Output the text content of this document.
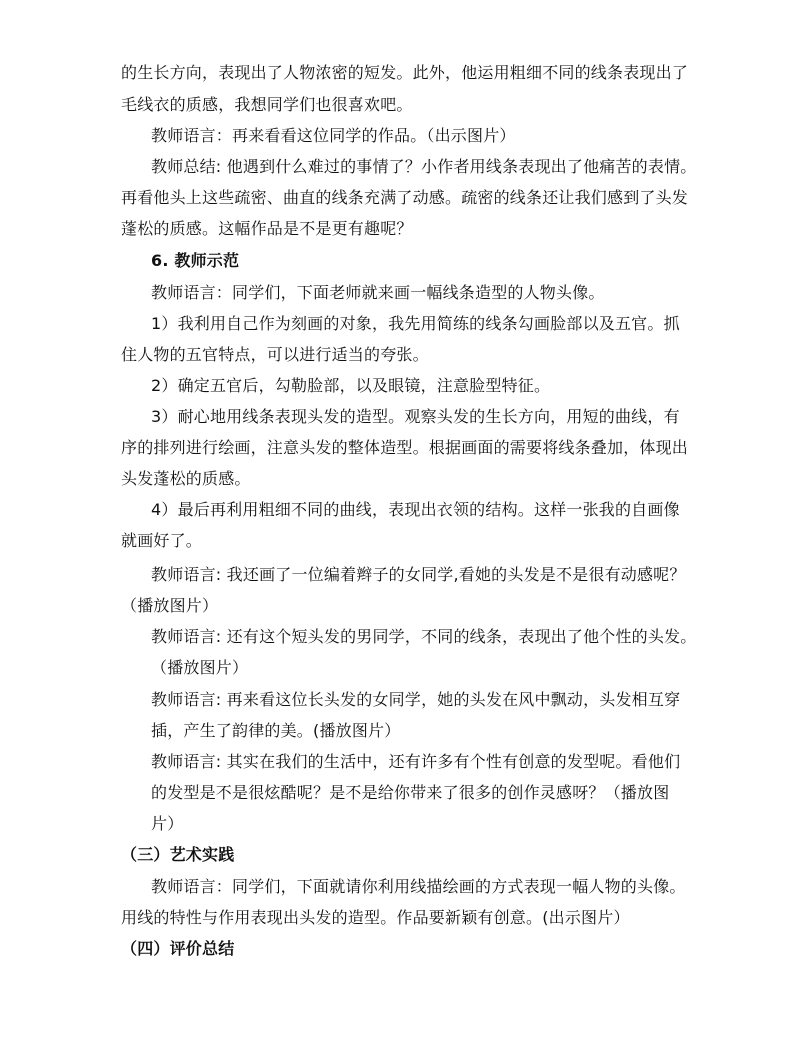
的生长方向，表现出了人物浓密的短发。此外，他运用粗细不同的线条表现出了
毛线衣的质感，我想同学们也很喜欢吧。
教师语言：再来看看这位同学的作品。（出示图片）
教师总结: 他遇到什么难过的事情了？小作者用线条表现出了他痛苦的表情。
再看他头上这些疏密、曲直的线条充满了动感。疏密的线条还让我们感到了头发
蓬松的质感。这幅作品是不是更有趣呢？
6. 教师示范
教师语言：同学们，下面老师就来画一幅线条造型的人物头像。
1）我利用自己作为刻画的对象，我先用简练的线条勾画脸部以及五官。抓
住人物的五官特点，可以进行适当的夸张。
2）确定五官后，勾勒脸部，以及眼镜，注意脸型特征。
3）耐心地用线条表现头发的造型。观察头发的生长方向，用短的曲线，有
序的排列进行绘画，注意头发的整体造型。根据画面的需要将线条叠加，体现出
头发蓬松的质感。
4）最后再利用粗细不同的曲线，表现出衣领的结构。这样一张我的自画像
就画好了。
教师语言: 我还画了一位编着辫子的女同学,看她的头发是不是很有动感呢？
（播放图片）
教师语言: 还有这个短头发的男同学，不同的线条，表现出了他个性的头发。
（播放图片）
教师语言: 再来看这位长头发的女同学，她的头发在风中飘动，头发相互穿
插，产生了韵律的美。(播放图片）
教师语言: 其实在我们的生活中，还有许多有个性有创意的发型呢。看他们
的发型是不是很炫酷呢？是不是给你带来了很多的创作灵感呀？（播放图
片）
（三）艺术实践
教师语言：同学们，下面就请你利用线描绘画的方式表现一幅人物的头像。
用线的特性与作用表现出头发的造型。作品要新颖有创意。(出示图片）
（四）评价总结
